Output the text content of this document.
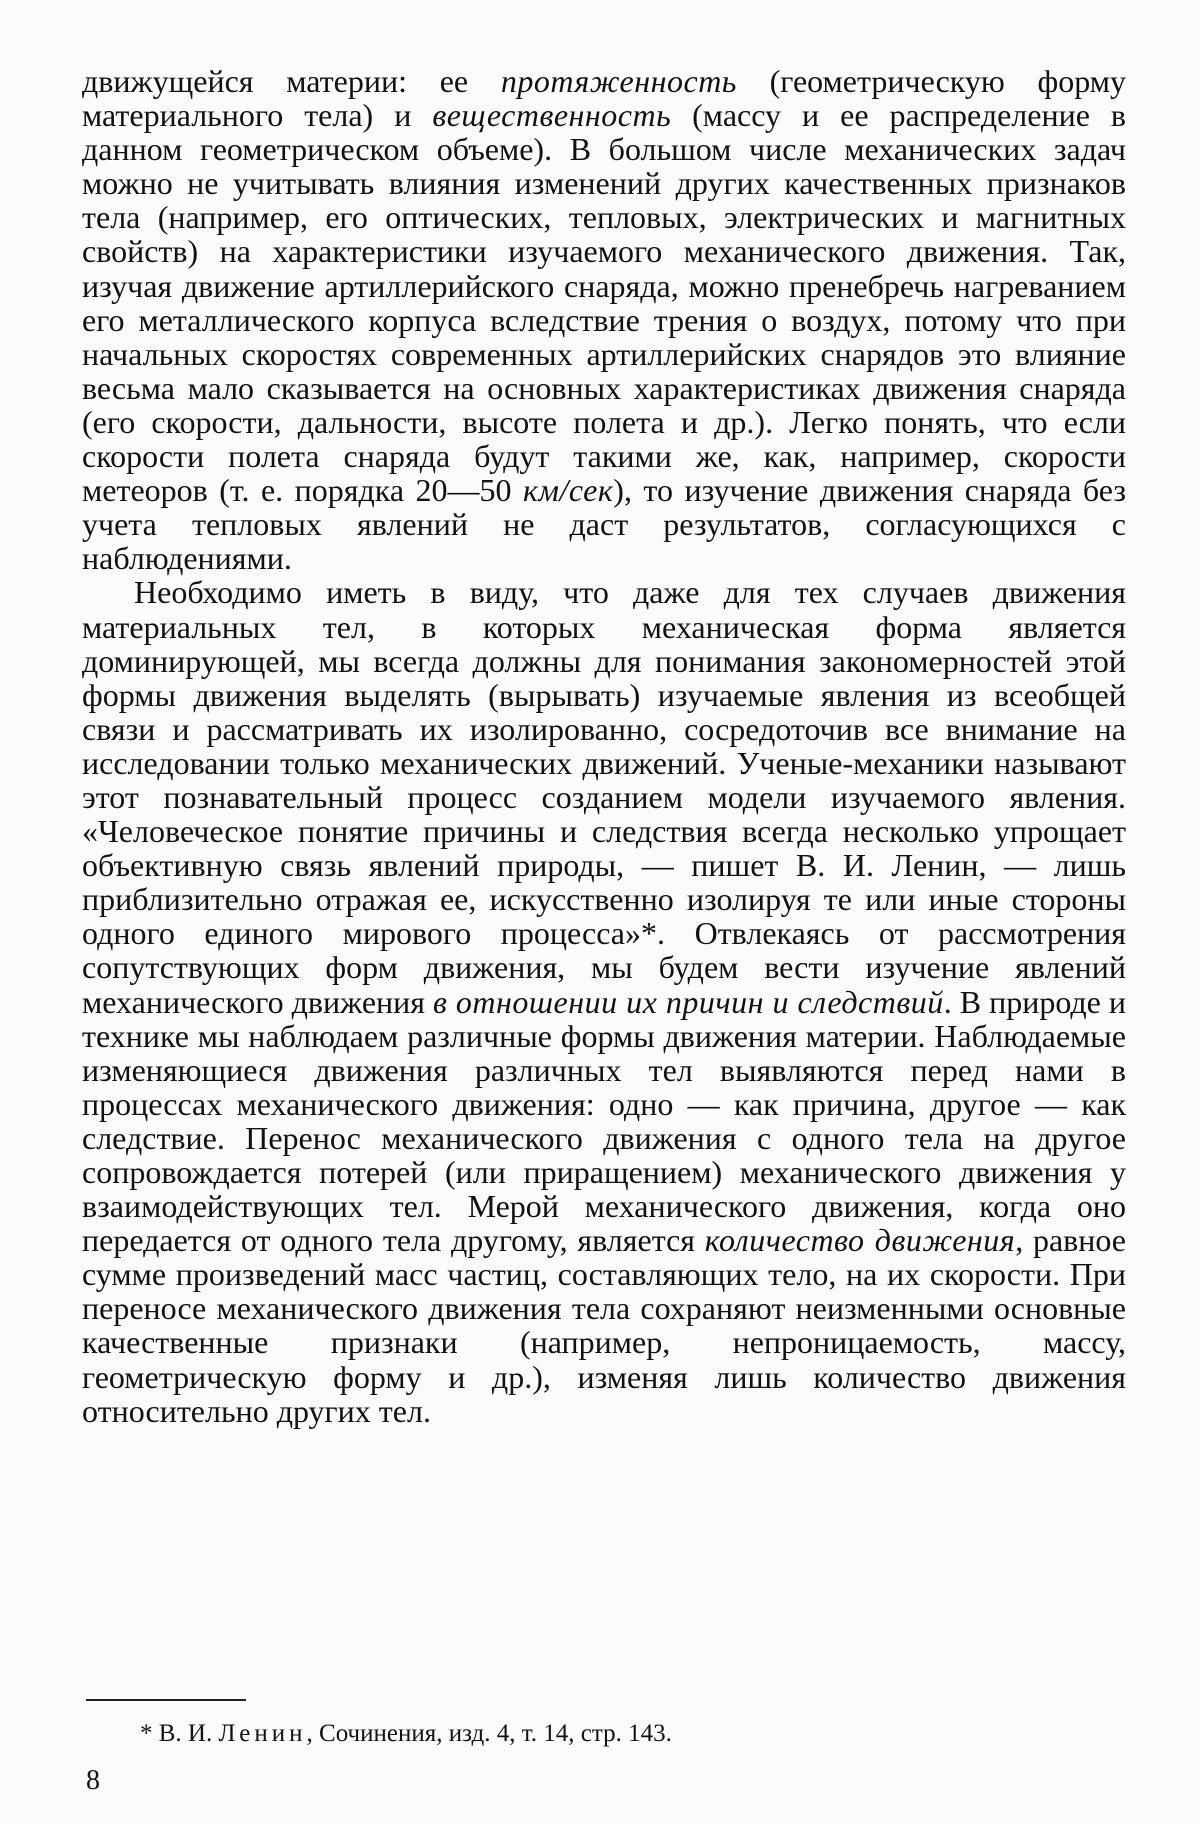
движущейся материи: ее протяженность (геометрическую форму материального тела) и вещественность (массу и ее распределение в данном геометрическом объеме). В большом числе механических задач можно не учитывать влияния изменений других качественных признаков тела (например, его оптических, тепловых, электрических и магнитных свойств) на характеристики изучаемого механического движения. Так, изучая движение артиллерийского снаряда, можно пренебречь нагреванием его металлического корпуса вследствие трения о воздух, потому что при начальных скоростях современных артиллерийских снарядов это влияние весьма мало сказывается на основных характеристиках движения снаряда (его скорости, дальности, высоте полета и др.). Легко понять, что если скорости полета снаряда будут такими же, как, например, скорости метеоров (т. е. порядка 20—50 км/сек), то изучение движения снаряда без учета тепловых явлений не даст результатов, согласующихся с наблюдениями.

Необходимо иметь в виду, что даже для тех случаев движения материальных тел, в которых механическая форма является доминирующей, мы всегда должны для понимания закономерностей этой формы движения выделять (вырывать) изучаемые явления из всеобщей связи и рассматривать их изолированно, сосредоточив все внимание на исследовании только механических движений. Ученые-механики называют этот познавательный процесс созданием модели изучаемого явления. «Человеческое понятие причины и следствия всегда несколько упрощает объективную связь явлений природы, — пишет В. И. Ленин, — лишь приблизительно отражая ее, искусственно изолируя те или иные стороны одного единого мирового процесса»*. Отвлекаясь от рассмотрения сопутствующих форм движения, мы будем вести изучение явлений механического движения в отношении их причин и следствий. В природе и технике мы наблюдаем различные формы движения материи. Наблюдаемые изменяющиеся движения различных тел выявляются перед нами в процессах механического движения: одно — как причина, другое — как следствие. Перенос механического движения с одного тела на другое сопровождается потерей (или приращением) механического движения у взаимодействующих тел. Мерой механического движения, когда оно передается от одного тела другому, является количество движения, равное сумме произведений масс частиц, составляющих тело, на их скорости. При переносе механического движения тела сохраняют неизменными основные качественные признаки (например, непроницаемость, массу, геометрическую форму и др.), изменяя лишь количество движения относительно других тел.

* В. И. Ленин, Сочинения, изд. 4, т. 14, стр. 143.
8
